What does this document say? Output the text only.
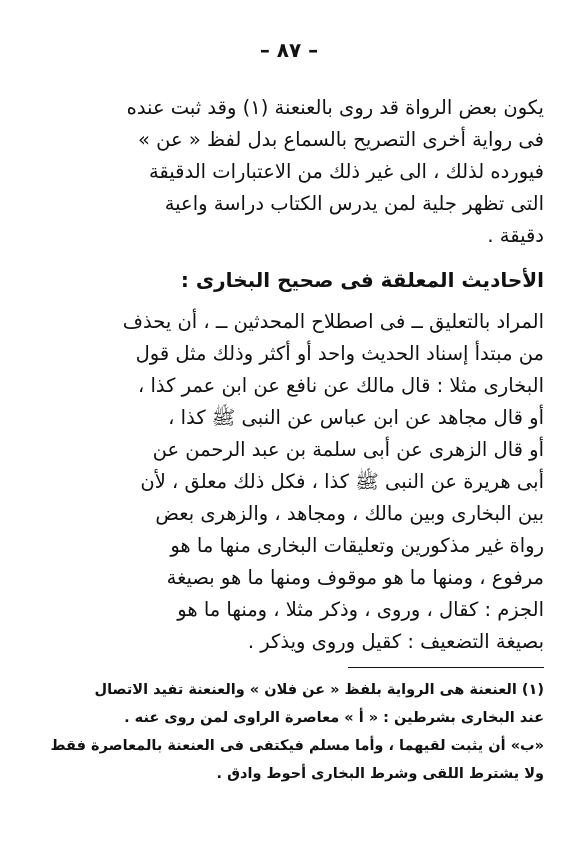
– ٨٧ –
يكون بعض الرواة قد روى بالعنعنة (١) وقد ثبت عنده
فى رواية أخرى التصريح بالسماع بدل لفظ « عن »
فيورده لذلك ، الى غير ذلك من الاعتبارات الدقيقة
التى تظهر جلية لمن يدرس الكتاب دراسة واعية
دقيقة .
الأحاديث المعلقة فى صحيح البخارى :
المراد بالتعليق ــ فى اصطلاح المحدثين ــ ، أن يحذف
من مبتدأ إسناد الحديث واحد أو أكثر وذلك مثل قول
البخارى مثلا : قال مالك عن نافع عن ابن عمر كذا ،
أو قال مجاهد عن ابن عباس عن النبى ﷺ كذا ،
أو قال الزهرى عن أبى سلمة بن عبد الرحمن عن
أبى هريرة عن النبى ﷺ كذا ، فكل ذلك معلق ، لأن
بين البخارى وبين مالك ، ومجاهد ، والزهرى بعض
رواة غير مذكورين وتعليقات البخارى منها ما هو
مرفوع ، ومنها ما هو موقوف ومنها ما هو بصيغة
الجزم : كقال ، وروى ، وذكر مثلا ، ومنها ما هو
بصيغة التضعيف : كقيل وروى ويذكر .
(١) العنعنة هى الرواية بلفظ « عن فلان » والعنعنة تفيد الاتصال
عند البخارى بشرطين : « أ » معاصرة الراوى لمن روى عنه .
«ب» أن يثبت لقيهما ، وأما مسلم فيكتفى فى العنعنة بالمعاصرة فقط
ولا يشترط اللقى وشرط البخارى أحوط وادق .
